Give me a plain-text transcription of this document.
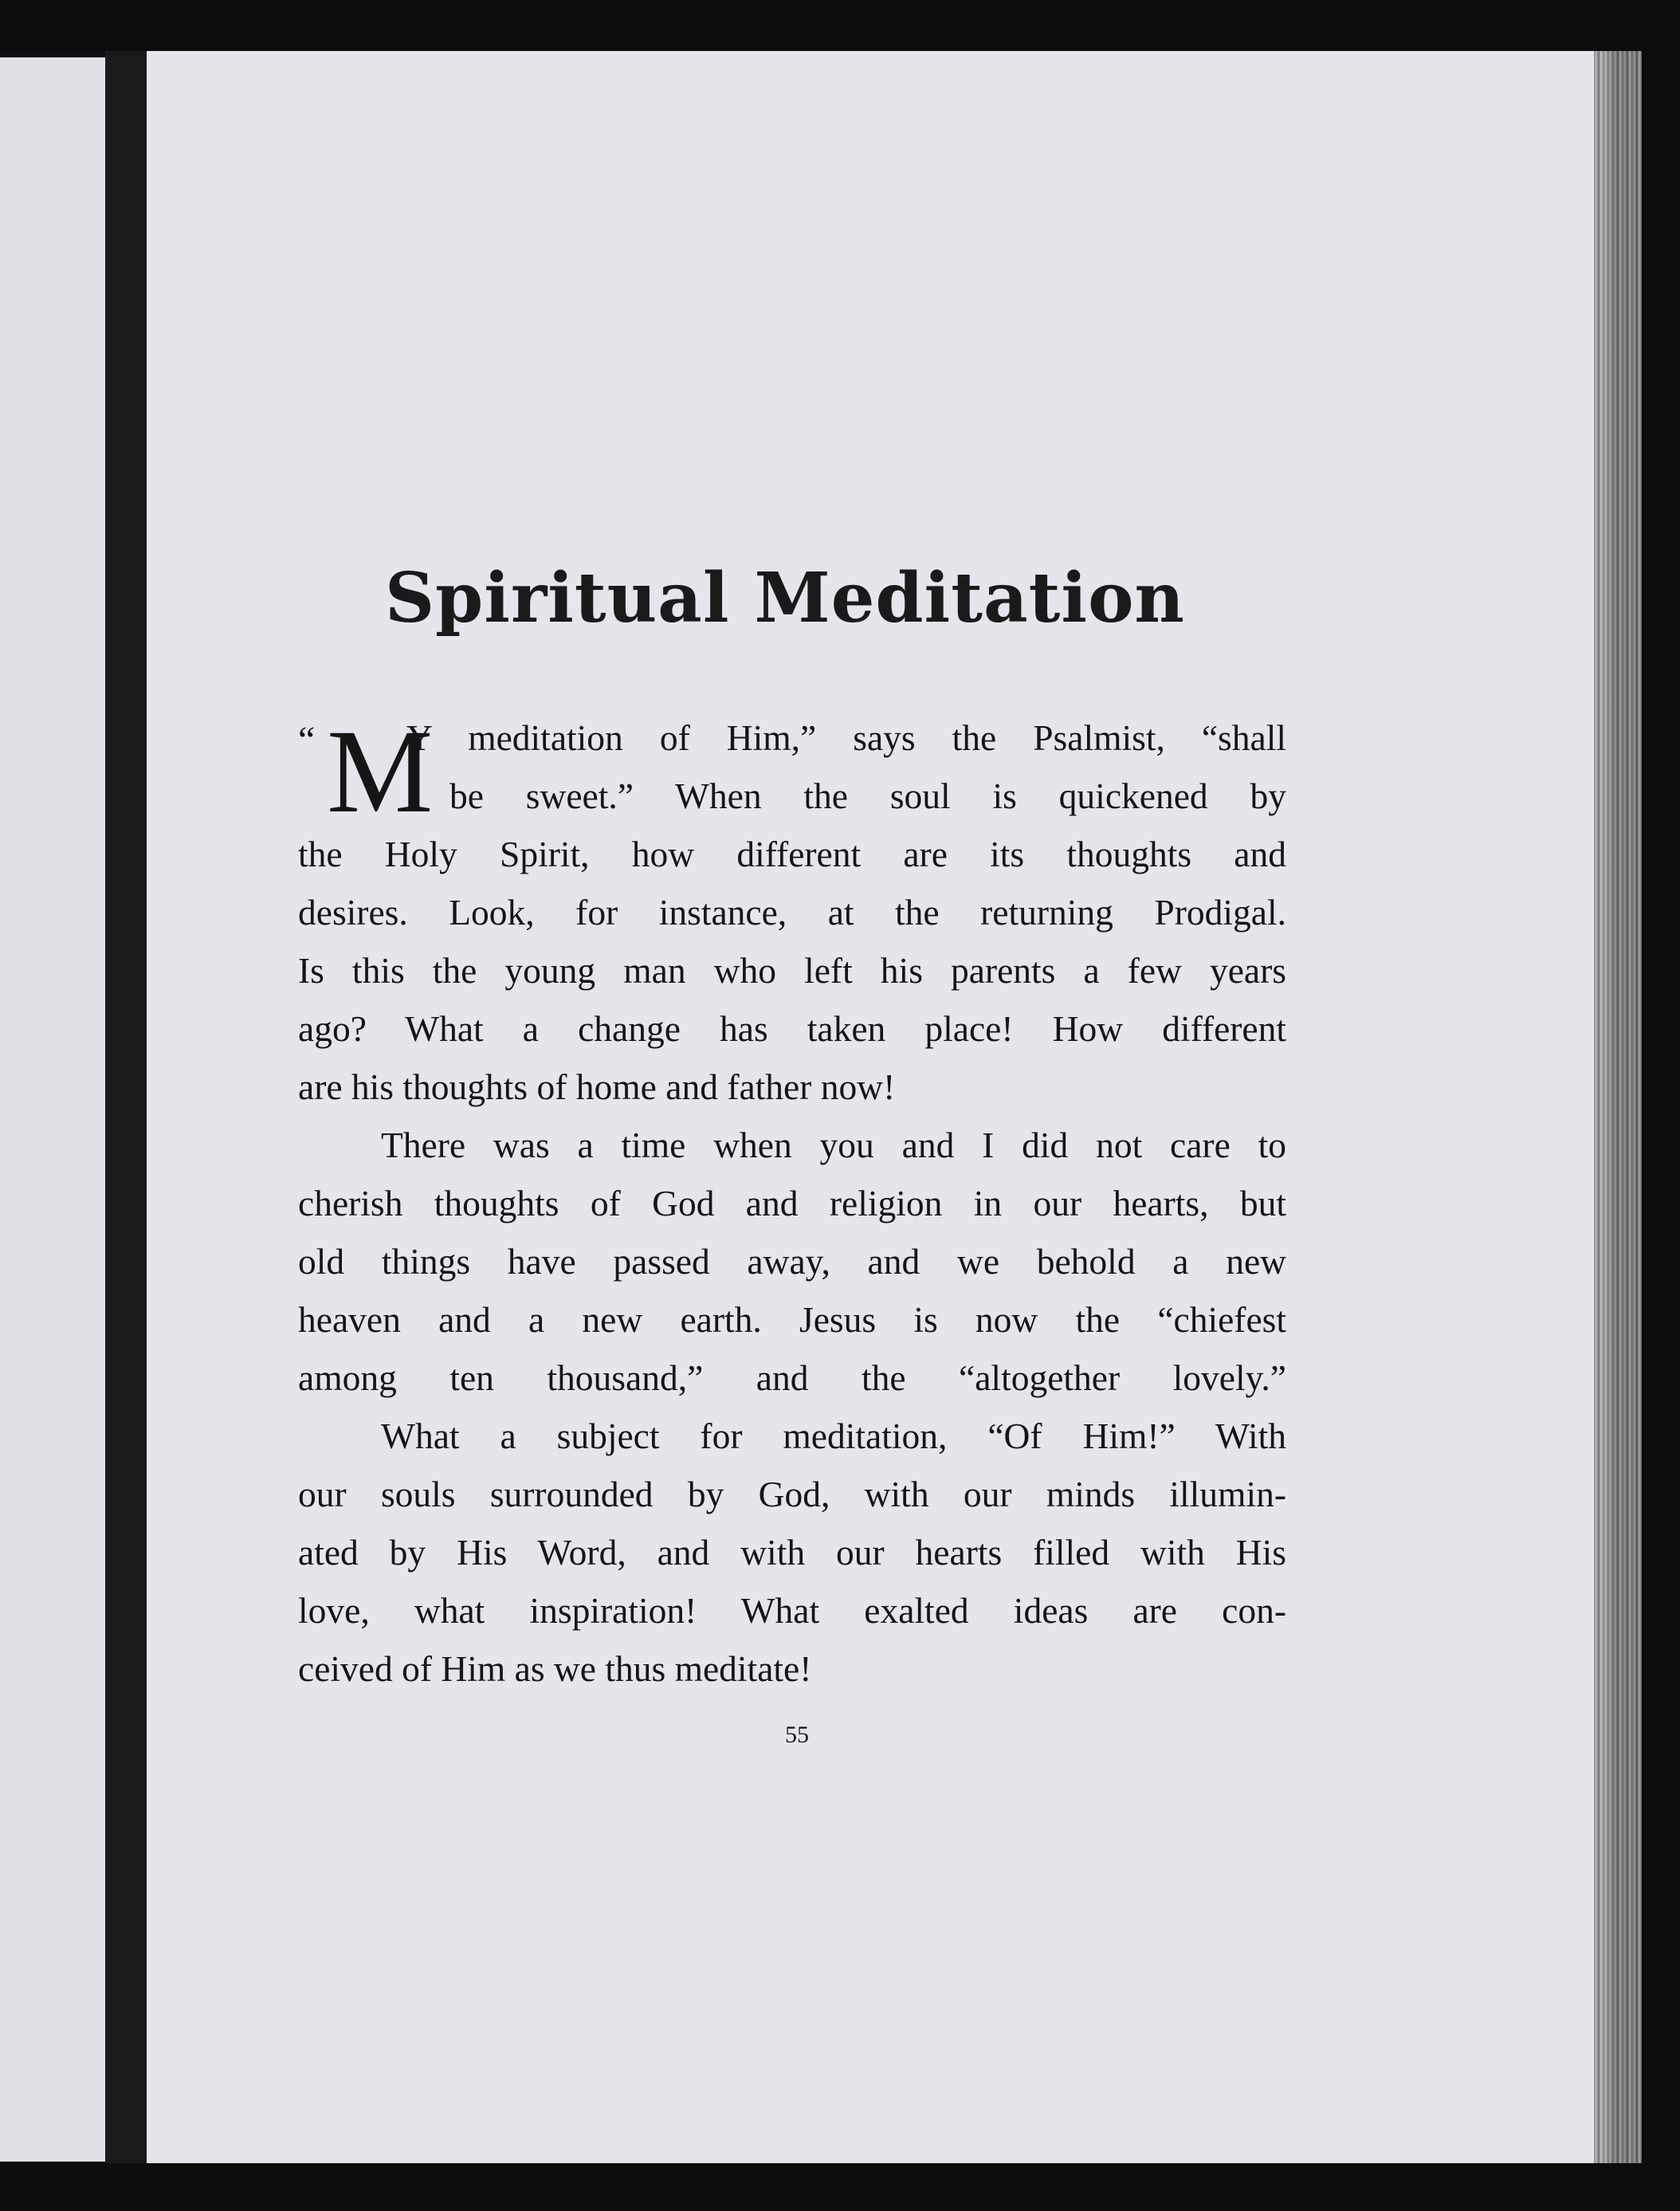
Spiritual Meditation
“ M
Y meditation of Him,” says the Psalmist, “shall
be sweet.” When the soul is quickened by
the Holy Spirit, how different are its thoughts and
desires. Look, for instance, at the returning Prodigal.
Is this the young man who left his parents a few years
ago? What a change has taken place! How different
are his thoughts of home and father now!
There was a time when you and I did not care to
cherish thoughts of God and religion in our hearts, but
old things have passed away, and we behold a new
heaven and a new earth. Jesus is now the “chiefest
among ten thousand,” and the “altogether lovely.”
What a subject for meditation, “Of Him!” With
our souls surrounded by God, with our minds illumin-
ated by His Word, and with our hearts filled with His
love, what inspiration! What exalted ideas are con-
ceived of Him as we thus meditate!
55
